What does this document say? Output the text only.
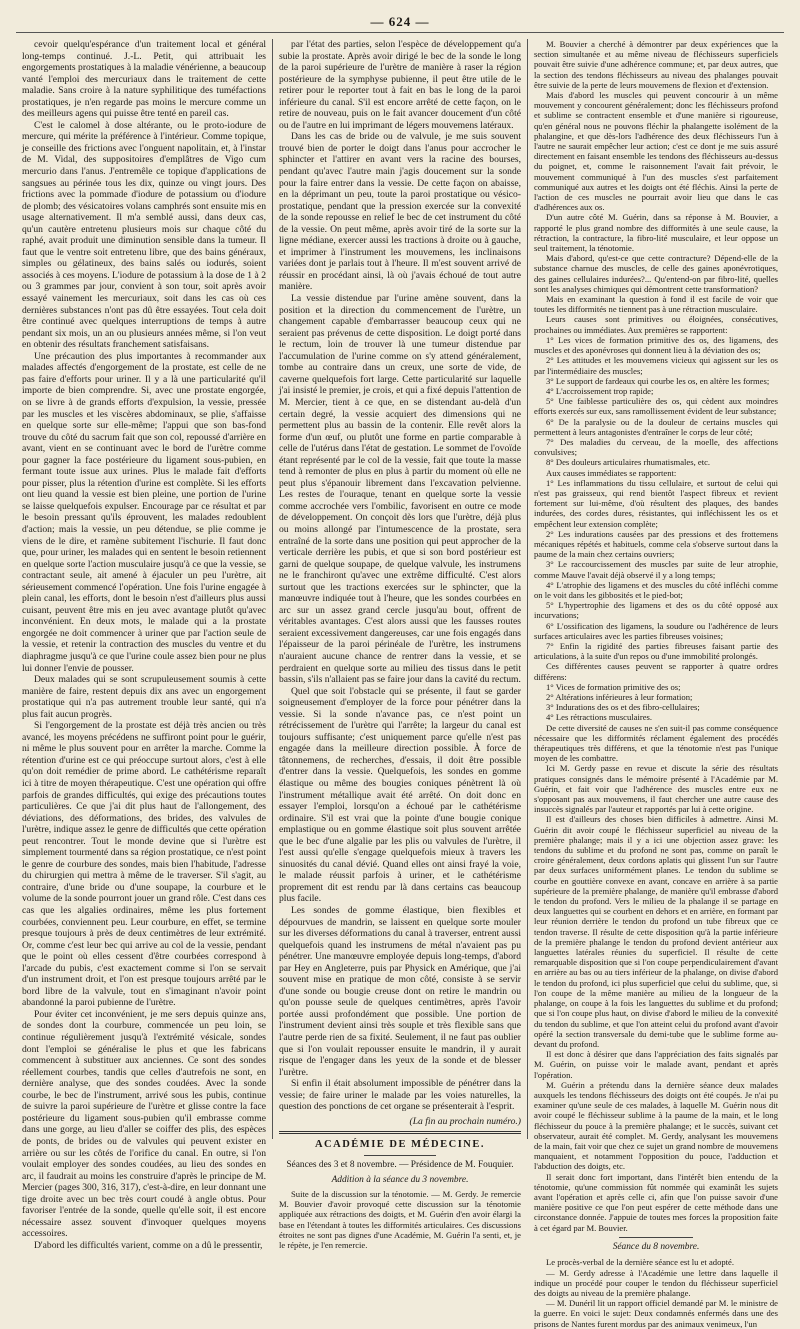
— 624 —

cevoir quelqu'espérance d'un traitement local et général long-temps continué. J.-L. Petit, qui attribuait les engorgements prostatiques à la maladie vénérienne, a beaucoup vanté l'emploi des mercuriaux dans le traitement de cette maladie. Sans croire à la nature syphilitique des tuméfactions prostatiques, je n'en regarde pas moins le mercure comme un des meilleurs agens qui puisse être tenté en pareil cas.

C'est le calomel à dose altérante, ou le proto-iodure de mercure, qui mérite la préférence à l'intérieur. Comme topique, je conseille des frictions avec l'onguent napolitain, et, à l'instar de M. Vidal, des suppositoires d'emplâtres de Vigo cum mercurio dans l'anus. J'entremêle ce topique d'applications de sangsues au périnée tous les dix, quinze ou vingt jours. Des frictions avec la pommade d'iodure de potassium ou d'iodure de plomb; des vésicatoires volans camphrés sont ensuite mis en usage alternativement. Il m'a semblé aussi, dans deux cas, qu'un cautère entretenu plusieurs mois sur chaque côté du raphé, avait produit une diminution sensible dans la tumeur. Il faut que le ventre soit entretenu libre, que des bains généraux, simples ou gélatineux, des bains salés ou iodurés, soient associés à ces moyens. L'iodure de potassium à la dose de 1 à 2 ou 3 grammes par jour, convient à son tour, soit après avoir essayé vainement les mercuriaux, soit dans les cas où ces dernières substances n'ont pas dû être essayées. Tout cela doit être continué avec quelques interruptions de temps à autre pendant six mois, un an ou plusieurs années même, si l'on veut en obtenir des résultats franchement satisfaisans.

Une précaution des plus importantes à recommander aux malades affectés d'engorgement de la prostate, est celle de ne pas faire d'efforts pour uriner. Il y a là une particularité qu'il importe de bien comprendre. Si, avec une prostate engorgée, on se livre à de grands efforts d'expulsion, la vessie, pressée par les muscles et les viscères abdominaux, se plie, s'affaisse en quelque sorte sur elle-même; l'appui que son bas-fond trouve du côté du sacrum fait que son col, repoussé d'arrière en avant, vient en se continuant avec le bord de l'urètre comme pour gagner la face postérieure du ligament sous-pubien, en fermant toute issue aux urines. Plus le malade fait d'efforts pour pisser, plus la rétention d'urine est complète. Si les efforts ont lieu quand la vessie est bien pleine, une portion de l'urine se laisse quelquefois expulser. Encourage par ce résultat et par le besoin pressant qu'ils éprouvent, les malades redoublent d'action; mais la vessie, un peu détendue, se plie comme je viens de le dire, et ramène subitement l'ischurie. Il faut donc que, pour uriner, les malades qui en sentent le besoin retiennent en quelque sorte l'action musculaire jusqu'à ce que la vessie, se contractant seule, ait amené à éjaculer un peu l'urètre, ait sérieusement commencé l'opération. Une fois l'urine engagée à plein canal, les efforts, dont le besoin n'est d'ailleurs plus aussi cuisant, peuvent être mis en jeu avec avantage plutôt qu'avec inconvénient. En deux mots, le malade qui a la prostate engorgée ne doit commencer à uriner que par l'action seule de la vessie, et retenir la contraction des muscles du ventre et du diaphragme jusqu'à ce que l'urine coule assez bien pour ne plus lui donner l'envie de pousser.

Deux malades qui se sont scrupuleusement soumis à cette manière de faire, restent depuis dix ans avec un engorgement prostatique qui n'a pas autrement trouble leur santé, qui n'a plus fait aucun progrès.

Si l'engorgement de la prostate est déjà très ancien ou très avancé, les moyens précédens ne suffiront point pour le guérir, ni même le plus souvent pour en arrêter la marche. Comme la rétention d'urine est ce qui préoccupe surtout alors, c'est à elle qu'on doit remédier de prime abord. Le cathétérisme reparaît ici à titre de moyen thérapeutique. C'est une opération qui offre parfois de grandes difficultés, qui exige des précautions toutes particulières. Ce que j'ai dit plus haut de l'allongement, des déviations, des déformations, des brides, des valvules de l'urètre, indique assez le genre de difficultés que cette opération peut rencontrer. Tout le monde devine que si l'urètre est simplement tourmenté dans sa région prostatique, ce n'est point le genre de courbure des sondes, mais bien l'habitude, l'adresse du chirurgien qui mettra à même de le traverser. S'il s'agit, au contraire, d'une bride ou d'une soupape, la courbure et le volume de la sonde pourront jouer un grand rôle. C'est dans ces cas que les algalies ordinaires, même les plus fortement courbées, conviennent peu. Leur courbure, en effet, se termine presque toujours à près de deux centimètres de leur extrémité. Or, comme c'est leur bec qui arrive au col de la vessie, pendant que le point où elles cessent d'être courbées correspond à l'arcade du pubis, c'est exactement comme si l'on se servait d'un instrument droit, et l'on est presque toujours arrêté par le bord libre de la valvule, tout en s'imaginant n'avoir point abandonné la paroi pubienne de l'urètre.

Pour éviter cet inconvénient, je me sers depuis quinze ans, de sondes dont la courbure, commencée un peu loin, se continue régulièrement jusqu'à l'extrémité vésicale, sondes dont l'emploi se généralise le plus et que les fabricans commencent à substituer aux anciennes. Ce sont des sondes réellement courbes, tandis que celles d'autrefois ne sont, en dernière analyse, que des sondes coudées. Avec la sonde courbe, le bec de l'instrument, arrivé sous les pubis, continue de suivre la paroi supérieure de l'urètre et glisse contre la face postérieure du ligament sous-pubien qu'il embrasse comme dans une gorge, au lieu d'aller se coiffer des plis, des espèces de ponts, de brides ou de valvules qui peuvent exister en arrière ou sur les côtés de l'orifice du canal. En outre, si l'on voulait employer des sondes coudées, au lieu des sondes en arc, il faudrait au moins les construire d'après le principe de M. Mercier (pages 300, 316, 317), c'est-à-dire, en leur donnant une tige droite avec un bec très court coudé à angle obtus. Pour favoriser l'entrée de la sonde, quelle qu'elle soit, il est encore nécessaire assez souvent d'invoquer quelques moyens accessoires.

D'abord les difficultés varient, comme on a dû le pressentir,

par l'état des parties, selon l'espèce de développement qu'a subie la prostate. Après avoir dirigé le bec de la sonde le long de la paroi supérieure de l'urètre de manière à raser la région postérieure de la symphyse pubienne, il peut être utile de le retirer pour le reporter tout à fait en bas le long de la paroi inférieure du canal. S'il est encore arrêté de cette façon, on le retire de nouveau, puis on le fait avancer doucement d'un côté ou de l'autre en lui imprimant de légers mouvemens latéraux.

Dans les cas de bride ou de valvule, je me suis souvent trouvé bien de porter le doigt dans l'anus pour accrocher le sphincter et l'attirer en avant vers la racine des bourses, pendant qu'avec l'autre main j'agis doucement sur la sonde pour la faire entrer dans la vessie. De cette façon on abaisse, en la déprimant un peu, toute la paroi prostatique ou vésico-prostatique, pendant que la pression exercée sur la convexité de la sonde repousse en relief le bec de cet instrument du côté de la vessie. On peut même, après avoir tiré de la sorte sur la ligne médiane, exercer aussi les tractions à droite ou à gauche, et imprimer à l'instrument les mouvemens, les inclinaisons variées dont je parlais tout à l'heure. Il m'est souvent arrivé de réussir en procédant ainsi, là où j'avais échoué de tout autre manière.

La vessie distendue par l'urine amène souvent, dans la position et la direction du commencement de l'urètre, un changement capable d'embarrasser beaucoup ceux qui ne seraient pas prévenus de cette disposition. Le doigt porté dans le rectum, loin de trouver là une tumeur distendue par l'accumulation de l'urine comme on s'y attend généralement, tombe au contraire dans un creux, une sorte de vide, de caverne quelquefois fort large. Cette particularité sur laquelle j'ai insisté le premier, je crois, et qui a fixé depuis l'attention de M. Mercier, tient à ce que, en se distendant au-delà d'un certain degré, la vessie acquiert des dimensions qui ne permettent plus au bassin de la contenir. Elle revêt alors la forme d'un œuf, ou plutôt une forme en partie comparable à celle de l'utérus dans l'état de gestation. Le sommet de l'ovoïde étant représenté par le col de la vessie, fait que toute la masse tend à remonter de plus en plus à partir du moment où elle ne peut plus s'épanouir librement dans l'excavation pelvienne. Les restes de l'ouraque, tenant en quelque sorte la vessie comme accrochée vers l'ombilic, favorisent en outre ce mode de développement. On conçoit dès lors que l'urètre, déjà plus ou moins allongé par l'intumescence de la prostate, sera entraîné de la sorte dans une position qui peut approcher de la verticale derrière les pubis, et que si son bord postérieur est garni de quelque soupape, de quelque valvule, les instrumens ne le franchiront qu'avec une extrême difficulté. C'est alors surtout que les tractions exercées sur le sphincter, que la manœuvre indiquée tout à l'heure, que les sondes courbées en arc sur un assez grand cercle jusqu'au bout, offrent de véritables avantages. C'est alors aussi que les fausses routes seraient excessivement dangereuses, car une fois engagés dans l'épaisseur de la paroi périnéale de l'urètre, les instrumens n'auraient aucune chance de rentrer dans la vessie, et se perdraient en quelque sorte au milieu des tissus dans le petit bassin, s'ils n'allaient pas se faire jour dans la cavité du rectum.

Quel que soit l'obstacle qui se présente, il faut se garder soigneusement d'employer de la force pour pénétrer dans la vessie. Si la sonde n'avance pas, ce n'est point un rétrécissement de l'urètre qui l'arrête; la largeur du canal est toujours suffisante; c'est uniquement parce qu'elle n'est pas engagée dans la meilleure direction possible. À force de tâtonnemens, de recherches, d'essais, il doit être possible d'entrer dans la vessie. Quelquefois, les sondes en gomme élastique ou même des bougies coniques pénètrent là où l'instrument métallique avait été arrêté. On doit donc en essayer l'emploi, lorsqu'on a échoué par le cathétérisme ordinaire. S'il est vrai que la pointe d'une bougie conique emplastique ou en gomme élastique soit plus souvent arrêtée que le bec d'une algalie par les plis ou valvules de l'urètre, il l'est aussi qu'elle s'engage quelquefois mieux à travers les sinuosités du canal dévié. Quand elles ont ainsi frayé la voie, le malade réussit parfois à uriner, et le cathétérisme proprement dit est rendu par là dans certains cas beaucoup plus facile.

Les sondes de gomme élastique, bien flexibles et dépourvues de mandrin, se laissent en quelque sorte mouler sur les diverses déformations du canal à traverser, entrent aussi quelquefois quand les instrumens de métal n'avaient pas pu pénétrer. Une manœuvre employée depuis long-temps, d'abord par Hey en Angleterre, puis par Physick en Amérique, que j'ai souvent mise en pratique de mon côté, consiste à se servir d'une sonde ou bougie creuse dont on retire le mandrin ou qu'on pousse seule de quelques centimètres, après l'avoir portée aussi profondément que possible. Une portion de l'instrument devient ainsi très souple et très flexible sans que l'autre perde rien de sa fixité. Seulement, il ne faut pas oublier que si l'on voulait repousser ensuite le mandrin, il y aurait risque de l'engager dans les yeux de la sonde et de blesser l'urètre.

Si enfin il était absolument impossible de pénétrer dans la vessie; de faire uriner le malade par les voies naturelles, la question des ponctions de cet organe se présenterait à l'esprit.

(La fin au prochain numéro.)
ACADÉMIE DE MÉDECINE.
Séances des 3 et 8 novembre. — Présidence de M. Fouquier.
Addition à la séance du 3 novembre.

Suite de la discussion sur la ténotomie. — M. Gerdy. Je remercie M. Bouvier d'avoir provoqué cette discussion sur la ténotomie appliquée aux rétractions des doigts, et M. Guérin d'en avoir élargi la base en l'étendant à toutes les difformités articulaires. Ces discussions étroites ne sont pas dignes d'une Académie, M. Guérin l'a senti, et, je le répète, je l'en remercie.

M. Bouvier a cherché à démontrer par deux expériences que la section simultanée et au même niveau de fléchisseurs superficiels pouvait être suivie d'une adhérence commune; et, par deux autres, que la section des tendons fléchisseurs au niveau des phalanges pouvait être suivie de la perte de leurs mouvemens de flexion et d'extension.

Mais d'abord les muscles qui peuvent concourir à un même mouvement y concourent généralement; donc les fléchisseurs profond et sublime se contractent ensemble et d'une manière si rigoureuse, qu'en général nous ne pouvons fléchir la phalangette isolément de la phalangine, et que dès-lors l'adhérence des deux fléchisseurs l'un à l'autre ne saurait empêcher leur action; c'est ce dont je me suis assuré directement en faisant ensemble les tendons des fléchisseurs au-dessus du poignet, et, comme le raisonnement l'avait fait prévoir, le mouvement communiqué à l'un des muscles s'est parfaitement communiqué aux autres et les doigts ont été fléchis. Ainsi la perte de l'action de ces muscles ne pourrait avoir lieu que dans le cas d'adhérences aux os.

D'un autre côté M. Guérin, dans sa réponse à M. Bouvier, a rapporté le plus grand nombre des difformités à une seule cause, la rétraction, la contracture, la fibro-lité musculaire, et leur oppose un seul traitement, la ténotomie.

Mais d'abord, qu'est-ce que cette contracture? Dépend-elle de la substance charnue des muscles, de celle des gaines aponévrotiques, des gaines cellulaires indurées?... Qu'entend-on par fibro-lité, quelles sont les analyses chimiques qui démontrent cette transformation?

Mais en examinant la question à fond il est facile de voir que toutes les difformités ne tiennent pas à une rétraction musculaire.

Leurs causes sont primitives ou éloignées, consécutives, prochaines ou immédiates. Aux premières se rapportent:

1° Les vices de formation primitive des os, des ligamens, des muscles et des aponévroses qui donnent lieu à la déviation des os;

2° Les attitudes et les mouvemens vicieux qui agissent sur les os par l'intermédiaire des muscles;

3° Le support de fardeaux qui courbe les os, en altère les formes;

4° L'accroissement trop rapide;

5° Une faiblesse particulière des os, qui cèdent aux moindres efforts exercés sur eux, sans ramollissement évident de leur substance;

6° De la paralysie ou de la douleur de certains muscles qui permettent à leurs antagonistes d'entraîner le corps de leur côté;

7° Des maladies du cerveau, de la moelle, des affections convulsives;

8° Des douleurs articulaires rhumatismales, etc.

Aux causes immédiates se rapportent:

1° Les inflammations du tissu cellulaire, et surtout de celui qui n'est pas graisseux, qui rend bientôt l'aspect fibreux et revient fortement sur lui-même, d'où résultent des plaques, des bandes indurées, des cordes dures, résistantes, qui infléchissent les os et empêchent leur extension complète;

2° Les indurations causées par des pressions et des frottemens mécaniques répétés et habituels, comme cela s'observe surtout dans la paume de la main chez certains ouvriers;

3° Le raccourcissement des muscles par suite de leur atrophie, comme Mauve l'avait déjà observé il y a long temps;

4° L'atrophie des ligamens et des muscles du côté infléchi comme on le voit dans les gibbosités et le pied-bot;

5° L'hypertrophie des ligamens et des os du côté opposé aux incurvations;

6° L'ossification des ligamens, la soudure ou l'adhérence de leurs surfaces articulaires avec les parties fibreuses voisines;

7° Enfin la rigidité des parties fibreuses faisant partie des articulations, à la suite d'un repos ou d'une immobilité prolongés.

Ces différentes causes peuvent se rapporter à quatre ordres différens:

1° Vices de formation primitive des os;

2° Altérations inférieures à leur formation;

3° Indurations des os et des fibro-cellulaires;

4° Les rétractions musculaires.

De cette diversité de causes ne s'en suit-il pas comme conséquence nécessaire que les difformités réclament également des procédés thérapeutiques très différens, et que la ténotomie n'est pas l'unique moyen de les combattre.

Ici M. Gerdy passe en revue et discute la série des résultats pratiques consignés dans le mémoire présenté à l'Académie par M. Guérin, et fait voir que l'adhérence des muscles entre eux ne s'opposant pas aux mouvemens, il faut chercher une autre cause des insuccès signalés par l'auteur et rapportés par lui à cette origine.

Il est d'ailleurs des choses bien difficiles à admettre. Ainsi M. Guérin dit avoir coupé le fléchisseur superficiel au niveau de la première phalange; mais il y a ici une objection assez grave: les tendons du sublime et du profond ne sont pas, comme on paraît le croire généralement, deux cordons aplatis qui glissent l'un sur l'autre par deux surfaces uniformément planes. Le tendon du sublime se courbe en gouttière convexe en avant, concave en arrière à sa partie supérieure de la première phalange, de manière qu'il embrasse d'abord le tendon du profond. Vers le milieu de la phalange il se partage en deux languettes qui se courbent en dehors et en arrière, en formant par leur réunion derrière le tendon du profond un tube fibreux que ce tendon traverse. Il résulte de cette disposition qu'à la partie inférieure de la première phalange le tendon du profond devient antérieur aux languettes latérales réunies du superficiel. Il résulte de cette remarquable disposition que si l'on coupe perpendiculairement d'avant en arrière au bas ou au tiers inférieur de la phalange, on divise d'abord le tendon du profond, ici plus superficiel que celui du sublime, que, si l'on coupe de la même manière au milieu de la longueur de la phalange, on coupe à la fois les languettes du sublime et du profond; que si l'on coupe plus haut, on divise d'abord le milieu de la convexité du tendon du sublime, et que l'on atteint celui du profond avant d'avoir opéré la section transversale du demi-tube que le sublime forme au-devant du profond.

Il est donc à désirer que dans l'appréciation des faits signalés par M. Guérin, on puisse voir le malade avant, pendant et après l'opération.

M. Guérin a prétendu dans la dernière séance deux malades auxquels les tendons fléchisseurs des doigts ont été coupés. Je n'ai pu examiner qu'une seule de ces malades, à laquelle M. Guérin nous dit avoir coupé le fléchisseur sublime à la paume de la main, et le long fléchisseur du pouce à la première phalange; et le succès, suivant cet observateur, aurait été complet. M. Gerdy, analysant les mouvemens de la main, fait voir que chez ce sujet un grand nombre de mouvemens manquaient, et notamment l'opposition du pouce, l'adduction et l'abduction des doigts, etc.

Il serait donc fort important, dans l'intérêt bien entendu de la ténotomie, qu'une commission fût nommée qui examinât les sujets avant l'opération et après celle ci, afin que l'on puisse savoir d'une manière positive ce que l'on peut espérer de cette méthode dans une circonstance donnée. J'appuie de toutes mes forces la proposition faite à cet égard par M. Bouvier.

Séance du 8 novembre.

Le procès-verbal de la dernière séance est lu et adopté.

— M. Gerdy adresse à l'Académie une lettre dans laquelle il indique un procédé pour couper le tendon du fléchisseur superficiel des doigts au niveau de la première phalange.

— M. Dunéril lit un rapport officiel demandé par M. le ministre de la guerre. En voici le sujet: Deux condamnés enfermés dans une des prisons de Nantes furent mordus par des animaux venimeux, l'un
